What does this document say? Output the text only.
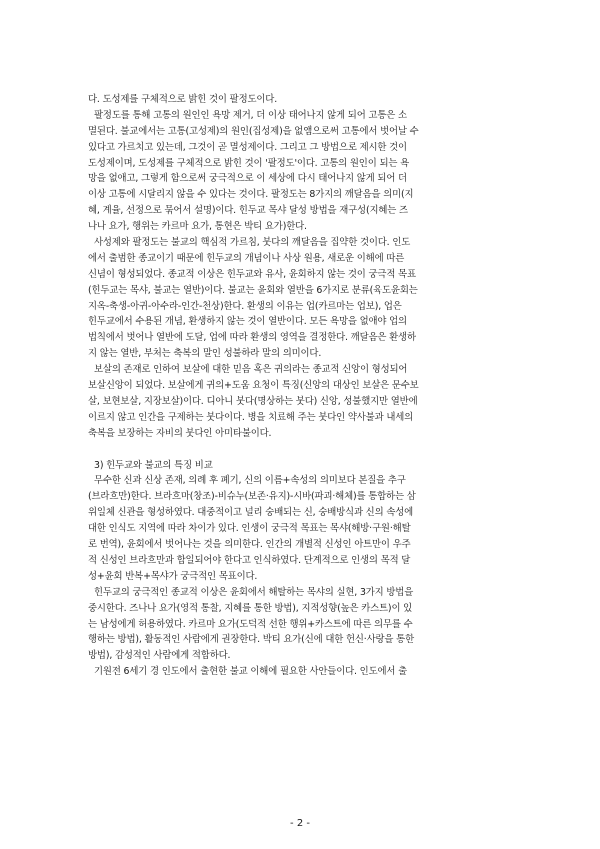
다. 도성제를 구체적으로 밝힌 것이 팔정도이다.
팔정도를 통해 고통의 원인인 욕망 제거, 더 이상 태어나지 않게 되어 고통은 소
멸된다. 불교에서는 고통(고성제)의 원인(집성제)을 없앰으로써 고통에서 벗어날 수
있다고 가르치고 있는데, 그것이 곧 멸성제이다. 그리고 그 방법으로 제시한 것이
도성제이며, 도성제를 구체적으로 밝힌 것이 '팔정도'이다. 고통의 원인이 되는 욕
망을 없애고, 그렇게 함으로써 궁극적으로 이 세상에 다시 태어나지 않게 되어 더
이상 고통에 시달리지 않을 수 있다는 것이다. 팔정도는 8가지의 깨달음을 의미(지
혜, 계율, 선정으로 묶어서 설명)이다. 힌두교 목샤 달성 방법을 재구성(지혜는 즈
나나 요가, 행위는 카르마 요가, 통현은 박티 요가)한다.
사성제와 팔정도는 불교의 핵심적 가르침, 붓다의 깨달음을 집약한 것이다. 인도
에서 출범한 종교이기 때문에 힌두교의 개념이나 사상 원용, 새로운 이해에 따른
신념이 형성되었다. 종교적 이상은 힌두교와 유사, 윤회하지 않는 것이 궁극적 목표
(힌두교는 목샤, 불교는 열반)이다. 불교는 윤회와 열반을 6가지로 분류(육도윤회는
지옥-축생-아귀-아수라-인간-천상)한다. 환생의 이유는 업(카르마는 업보), 업은
힌두교에서 수용된 개념, 환생하지 않는 것이 열반이다. 모든 욕망을 없애야 업의
법칙에서 벗어나 열반에 도달, 업에 따라 환생의 영역을 결정한다. 깨달음은 환생하
지 않는 열반, 부처는 축복의 말인 성불하라 말의 의미이다.
보살의 존재로 인하여 보살에 대한 믿음 혹은 귀의라는 종교적 신앙이 형성되어
보살신앙이 되었다. 보살에게 귀의+도움 요청이 특징(신앙의 대상인 보살은 문수보
살, 보현보살, 지장보살)이다. 디아니 붓다(명상하는 붓다) 신앙, 성불했지만 열반에
이르지 않고 인간을 구제하는 붓다이다. 병을 치료해 주는 붓다인 약사불과 내세의
축복을 보장하는 자비의 붓다인 아미타불이다.
3) 힌두교와 불교의 특징 비교
무수한 신과 신상 존재, 의례 후 폐기, 신의 이름+속성의 의미보다 본질을 추구
(브라흐만)한다. 브라흐마(창조)-비슈누(보존·유지)-시바(파괴·해체)를 통합하는 삼
위일체 신관을 형성하였다. 대중적이고 널리 숭배되는 신, 숭배방식과 신의 속성에
대한 인식도 지역에 따라 차이가 있다. 인생이 궁극적 목표는 목샤(해방·구원·해탈
로 번역), 윤회에서 벗어나는 것을 의미한다. 인간의 개별적 신성인 아트만이 우주
적 신성인 브라흐만과 합일되어야 한다고 인식하였다. 단계적으로 인생의 목적 달
성+윤회 반복+목샤가 궁극적인 목표이다.
힌두교의 궁극적인 종교적 이상은 윤회에서 해탈하는 목샤의 실현, 3가지 방법을
중시한다. 즈나나 요가(영적 통찰, 지혜를 통한 방법), 지적성향(높은 카스트)이 있
는 남성에게 허용하였다. 카르마 요가(도덕적 선한 행위+카스트에 따른 의무를 수
행하는 방법), 활동적인 사람에게 권장한다. 박티 요가(신에 대한 헌신·사랑을 통한
방법), 감성적인 사람에게 적합하다.
기원전 6세기 경 인도에서 출현한 불교 이해에 필요한 사안들이다. 인도에서 출
- 2 -
